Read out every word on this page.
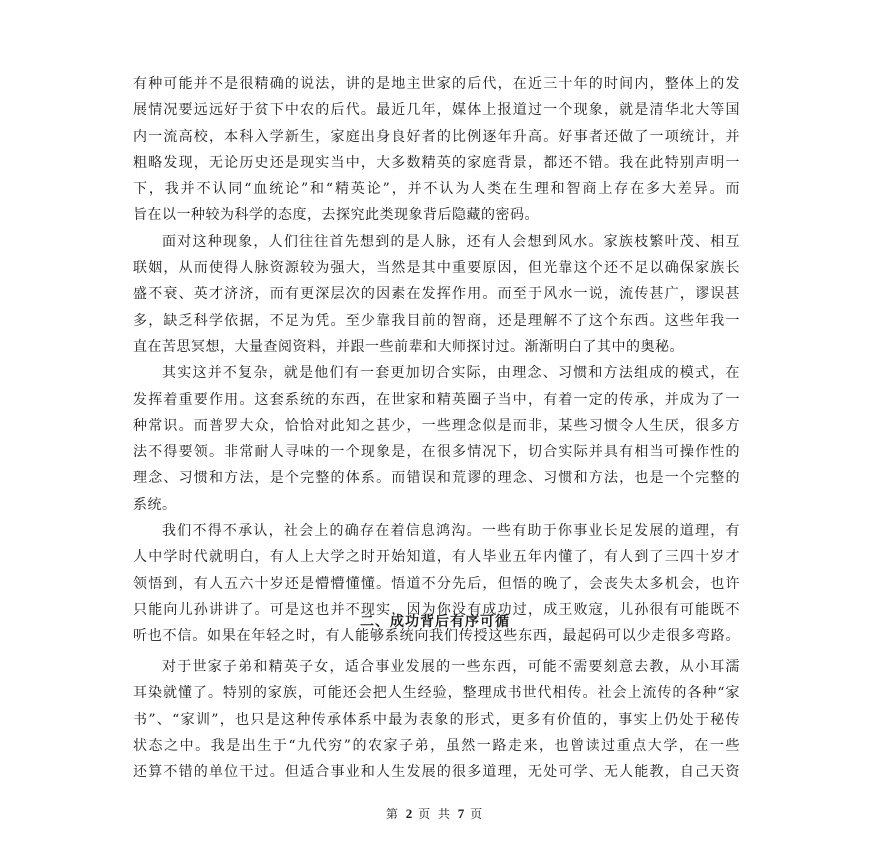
有种可能并不是很精确的说法，讲的是地主世家的后代，在近三十年的时间内，整体上的发
展情况要远远好于贫下中农的后代。最近几年，媒体上报道过一个现象，就是清华北大等国
内一流高校，本科入学新生，家庭出身良好者的比例逐年升高。好事者还做了一项统计，并
粗略发现，无论历史还是现实当中，大多数精英的家庭背景，都还不错。我在此特别声明一
下，我并不认同“血统论”和“精英论”，并不认为人类在生理和智商上存在多大差异。而
旨在以一种较为科学的态度，去探究此类现象背后隐藏的密码。
面对这种现象，人们往往首先想到的是人脉，还有人会想到风水。家族枝繁叶茂、相互
联姻，从而使得人脉资源较为强大，当然是其中重要原因，但光靠这个还不足以确保家族长
盛不衰、英才济济，而有更深层次的因素在发挥作用。而至于风水一说，流传甚广，谬误甚
多，缺乏科学依据，不足为凭。至少靠我目前的智商，还是理解不了这个东西。这些年我一
直在苦思冥想，大量查阅资料，并跟一些前辈和大师探讨过。渐渐明白了其中的奥秘。
其实这并不复杂，就是他们有一套更加切合实际，由理念、习惯和方法组成的模式，在
发挥着重要作用。这套系统的东西，在世家和精英圈子当中，有着一定的传承，并成为了一
种常识。而普罗大众，恰恰对此知之甚少，一些理念似是而非，某些习惯令人生厌，很多方
法不得要领。非常耐人寻味的一个现象是，在很多情况下，切合实际并具有相当可操作性的
理念、习惯和方法，是个完整的体系。而错误和荒谬的理念、习惯和方法，也是一个完整的
系统。
我们不得不承认，社会上的确存在着信息鸿沟。一些有助于你事业长足发展的道理，有
人中学时代就明白，有人上大学之时开始知道，有人毕业五年内懂了，有人到了三四十岁才
领悟到，有人五六十岁还是懵懵懂懂。悟道不分先后，但悟的晚了，会丧失太多机会，也许
只能向儿孙讲讲了。可是这也并不现实，因为你没有成功过，成王败寇，儿孙很有可能既不
听也不信。如果在年轻之时，有人能够系统向我们传授这些东西，最起码可以少走很多弯路。
二、成功背后有序可循
对于世家子弟和精英子女，适合事业发展的一些东西，可能不需要刻意去教，从小耳濡
耳染就懂了。特别的家族，可能还会把人生经验，整理成书世代相传。社会上流传的各种“家
书”、“家训”，也只是这种传承体系中最为表象的形式，更多有价值的，事实上仍处于秘传
状态之中。我是出生于“九代穷”的农家子弟，虽然一路走来，也曾读过重点大学，在一些
还算不错的单位干过。但适合事业和人生发展的很多道理，无处可学、无人能教，自己天资
第 2 页 共 7 页
